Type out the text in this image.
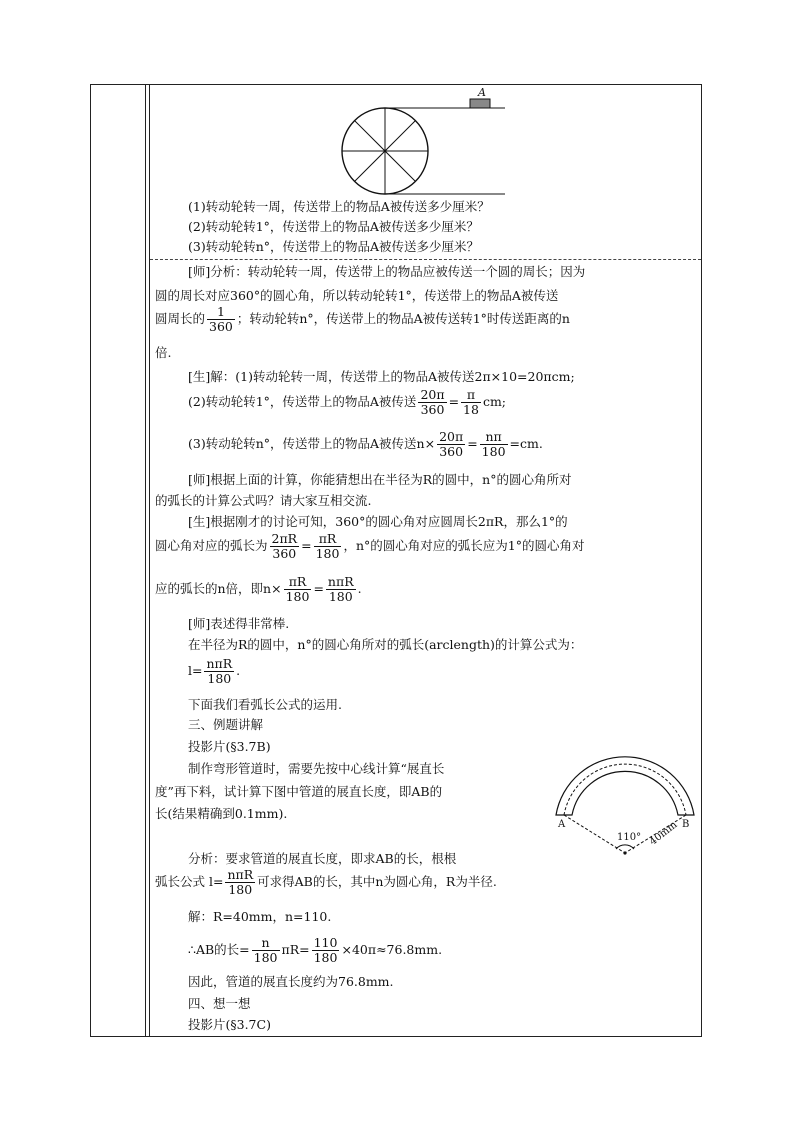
A
(1)转动轮转一周，传送带上的物品A被传送多少厘米？
(2)转动轮转1°，传送带上的物品A被传送多少厘米？
(3)转动轮转n°，传送带上的物品A被传送多少厘米？
[师]分析：转动轮转一周，传送带上的物品应被传送一个圆的周长；因为
圆的周长对应360°的圆心角，所以转动轮转1°，传送带上的物品A被传送
圆周长的 $\frac{1}{360}$ ；转动轮转n°，传送带上的物品A被传送转1°时传送距离的n
倍.
[生]解：(1)转动轮转一周，传送带上的物品A被传送2π×10=20πcm;
(2)转动轮转1°，传送带上的物品A被传送 $\frac{20\pi}{360} = \frac{\pi}{18}$ cm;
(3)转动轮转n°，传送带上的物品A被传送$n\times \frac{20\pi}{360} = \frac{n\pi}{180} =cm$.
[师]根据上面的计算，你能猜想出在半径为R的圆中，n°的圆心角所对
的弧长的计算公式吗？请大家互相交流.
[生]根据刚才的讨论可知，360°的圆心角对应圆周长2πR，那么1°的
圆心角对应的弧长为 $\frac{2\pi R}{360} = \frac{\pi R}{180}$ ，n°的圆心角对应的弧长应为1°的圆心角对
应的弧长的n倍，即$n\times \frac{\pi R}{180} = \frac{\text{nπR}}{180}$ .
[师]表述得非常棒.
在半径为R的圆中，n°的圆心角所对的弧长(arclength)的计算公式为：
$l= \frac{\text{nπR}}{180}$ .
下面我们看弧长公式的运用.
三、例题讲解
投影片(§3.7B)
制作弯形管道时，需要先按中心线计算“展直长
度”再下料，试计算下图中管道的展直长度，即AB的
长(结果精确到0.1mm).
A	B
110° 40mm
分析：要求管道的展直长度，即求AB的长，根根
弧长公式 $l= \frac{\text{nπR}}{180}$ 可求得AB的长，其中n为圆心角，R为半径.
解：R=40mm，n=110.
∴AB的长= $\frac{n}{180} \pi R= \frac{110}{180} \times 40\pi\approx 76.8mm$.
因此，管道的展直长度约为76.8mm.
四、想一想
投影片(§3.7C)
